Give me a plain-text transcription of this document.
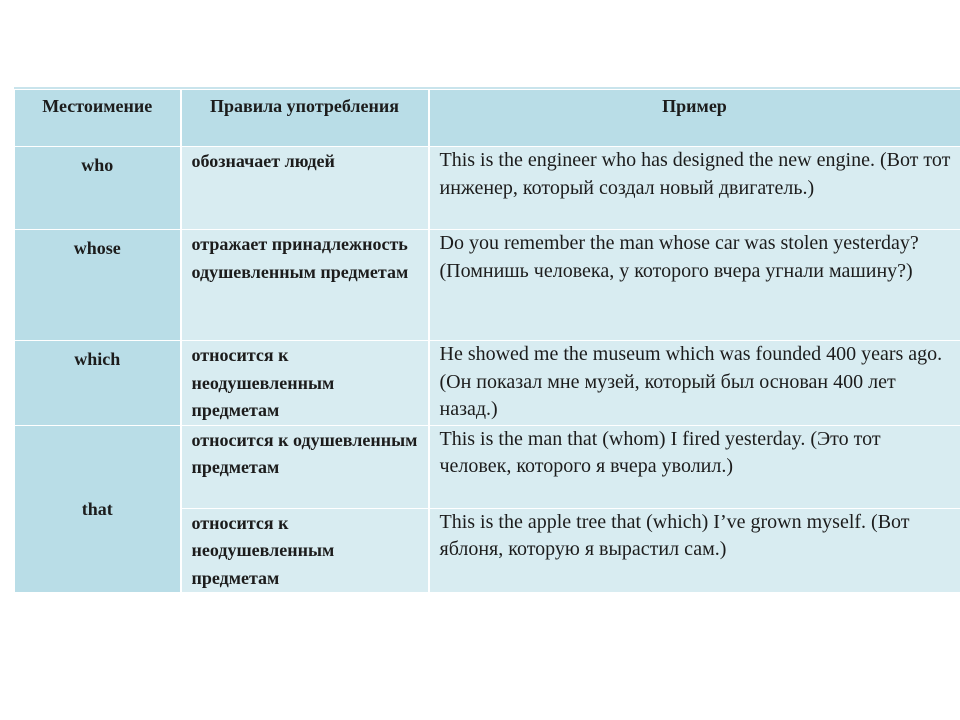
Местоимение	Правила употребления	Пример

who	обозначает людей	This is the engineer who has designed the new engine. (Вот тот инженер, который создал новый двигатель.)

whose	отражает принадлежность одушевленным предметам	Do you remember the man whose car was stolen yesterday? (Помнишь человека, у которого вчера угнали машину?)

which	относится к неодушевленным предметам	He showed me the museum which was founded 400 years ago. (Он показал мне музей, который был основан 400 лет назад.)

that	относится к одушевленным предметам	This is the man that (whom) I fired yesterday. (Это тот человек, которого я вчера уволил.)

	относится к неодушевленным предметам	This is the apple tree that (which) I’ve grown myself. (Вот яблоня, которую я вырастил сам.)
